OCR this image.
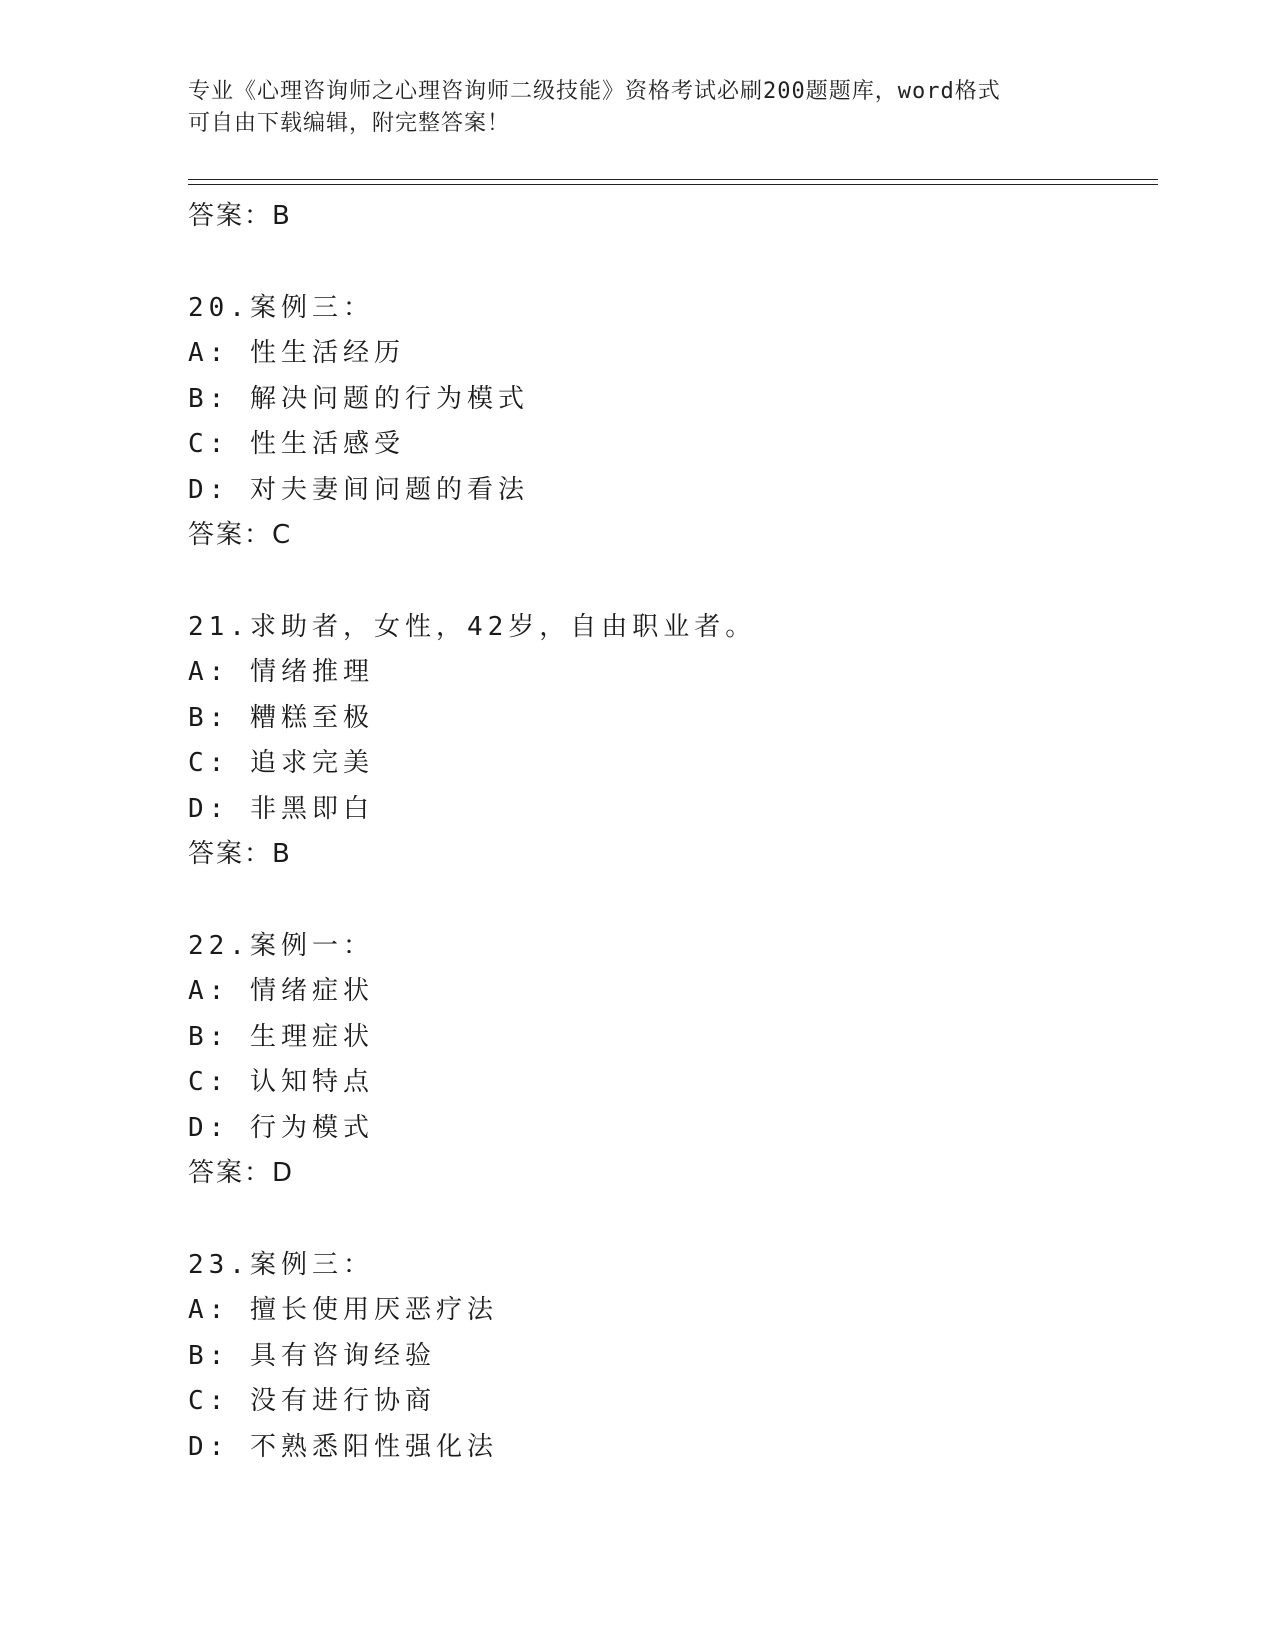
专业《心理咨询师之心理咨询师二级技能》资格考试必刷200题题库，word格式
可自由下载编辑，附完整答案！
答案：B
20.案例三：
A: 性生活经历
B: 解决问题的行为模式
C: 性生活感受
D: 对夫妻间问题的看法
答案：C
21.求助者，女性，42岁，自由职业者。
A: 情绪推理
B: 糟糕至极
C: 追求完美
D: 非黑即白
答案：B
22.案例一：
A: 情绪症状
B: 生理症状
C: 认知特点
D: 行为模式
答案：D
23.案例三：
A: 擅长使用厌恶疗法
B: 具有咨询经验
C: 没有进行协商
D: 不熟悉阳性强化法
